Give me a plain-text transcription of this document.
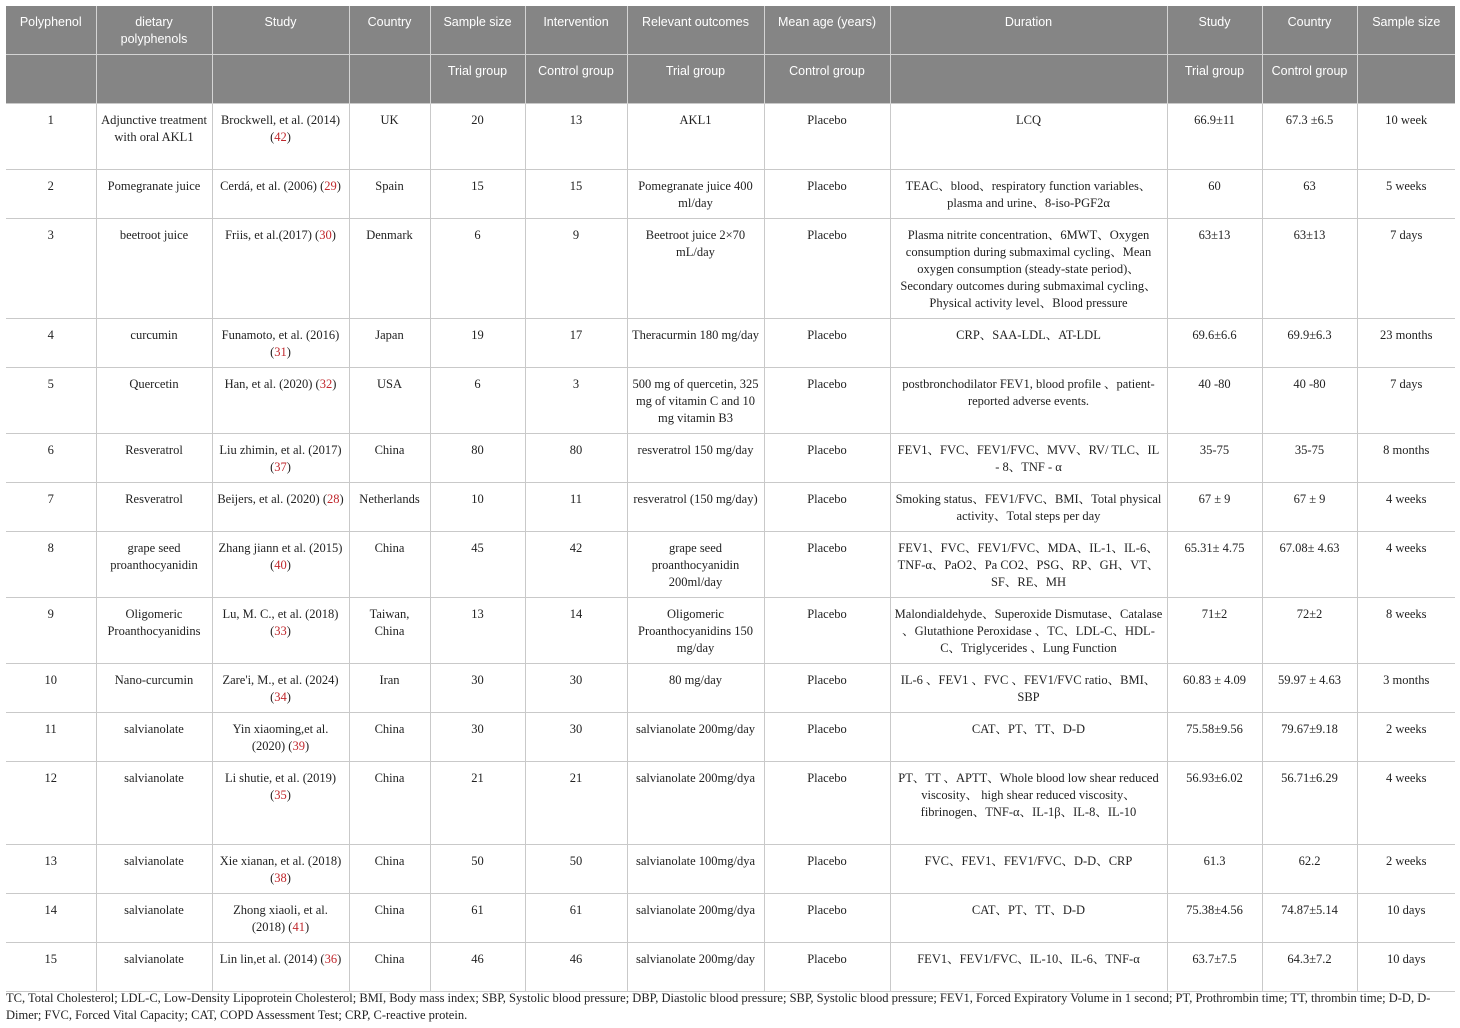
Polyphenol	dietary polyphenols	Study	Country	Sample size	Intervention	Relevant outcomes	Mean age (years)	Duration	Study	Country	Sample size
				Trial group	Control group	Trial group	Control group		Trial group	Control group	
1	Adjunctive treatment with oral AKL1	Brockwell, et al. (2014) (42)	UK	20	13	AKL1	Placebo	LCQ	66.9±11	67.3 ±6.5	10 week
2	Pomegranate juice	Cerdá, et al. (2006) (29)	Spain	15	15	Pomegranate juice 400 ml/day	Placebo	TEAC、blood、respiratory function variables、plasma and urine、8-iso-PGF2α	60	63	5 weeks
3	beetroot juice	Friis, et al.(2017) (30)	Denmark	6	9	Beetroot juice 2×70 mL/day	Placebo	Plasma nitrite concentration、6MWT、Oxygen consumption during submaximal cycling、Mean oxygen consumption (steady-state period)、Secondary outcomes during submaximal cycling、Physical activity level、Blood pressure	63±13	63±13	7 days
4	curcumin	Funamoto, et al. (2016) (31)	Japan	19	17	Theracurmin 180 mg/day	Placebo	CRP、SAA-LDL、AT-LDL	69.6±6.6	69.9±6.3	23 months
5	Quercetin	Han, et al. (2020) (32)	USA	6	3	500 mg of quercetin, 325 mg of vitamin C and 10 mg vitamin B3	Placebo	postbronchodilator FEV1, blood profile 、patient-reported adverse events.	40 -80	40 -80	7 days
6	Resveratrol	Liu zhimin, et al. (2017) (37)	China	80	80	resveratrol 150 mg/day	Placebo	FEV1、FVC、FEV1/FVC、MVV、RV/ TLC、IL - 8、TNF - α	35-75	35-75	8 months
7	Resveratrol	Beijers, et al. (2020) (28)	Netherlands	10	11	resveratrol (150 mg/day)	Placebo	Smoking status、FEV1/FVC、BMI、Total physical activity、Total steps per day	67 ± 9	67 ± 9	4 weeks
8	grape seed proanthocyanidin	Zhang jiann et al. (2015) (40)	China	45	42	grape seed proanthocyanidin 200ml/day	Placebo	FEV1、FVC、FEV1/FVC、MDA、IL-1、IL-6、TNF-α、PaO2、Pa CO2、PSG、RP、GH、VT、SF、RE、MH	65.31± 4.75	67.08± 4.63	4 weeks
9	Oligomeric Proanthocyanidins	Lu, M. C., et al. (2018) (33)	Taiwan, China	13	14	Oligomeric Proanthocyanidins 150 mg/day	Placebo	Malondialdehyde、Superoxide Dismutase、Catalase 、Glutathione Peroxidase 、TC、LDL-C、HDL-C、Triglycerides 、Lung Function	71±2	72±2	8 weeks
10	Nano-curcumin	Zare'i, M., et al. (2024) (34)	Iran	30	30	80 mg/day	Placebo	IL-6 、FEV1 、FVC 、FEV1/FVC ratio、BMI、SBP	60.83 ± 4.09	59.97 ± 4.63	3 months
11	salvianolate	Yin xiaoming,et al. (2020) (39)	China	30	30	salvianolate 200mg/day	Placebo	CAT、PT、TT、D-D	75.58±9.56	79.67±9.18	2 weeks
12	salvianolate	Li shutie, et al. (2019) (35)	China	21	21	salvianolate 200mg/dya	Placebo	PT、TT 、APTT、Whole blood low shear reduced viscosity、 high shear reduced viscosity、 fibrinogen、TNF-α、IL-1β、IL-8、IL-10	56.93±6.02	56.71±6.29	4 weeks
13	salvianolate	Xie xianan, et al. (2018) (38)	China	50	50	salvianolate 100mg/dya	Placebo	FVC、FEV1、FEV1/FVC、D-D、CRP	61.3	62.2	2 weeks
14	salvianolate	Zhong xiaoli, et al. (2018) (41)	China	61	61	salvianolate 200mg/dya	Placebo	CAT、PT、TT、D-D	75.38±4.56	74.87±5.14	10 days
15	salvianolate	Lin lin,et al. (2014) (36)	China	46	46	salvianolate 200mg/day	Placebo	FEV1、FEV1/FVC、IL-10、IL-6、TNF-α	63.7±7.5	64.3±7.2	10 days
TC, Total Cholesterol; LDL-C, Low-Density Lipoprotein Cholesterol; BMI, Body mass index; SBP, Systolic blood pressure; DBP, Diastolic blood pressure; SBP, Systolic blood pressure; FEV1, Forced Expiratory Volume in 1 second; PT, Prothrombin time; TT, thrombin time; D-D, D-Dimer; FVC, Forced Vital Capacity; CAT, COPD Assessment Test; CRP, C-reactive protein.
